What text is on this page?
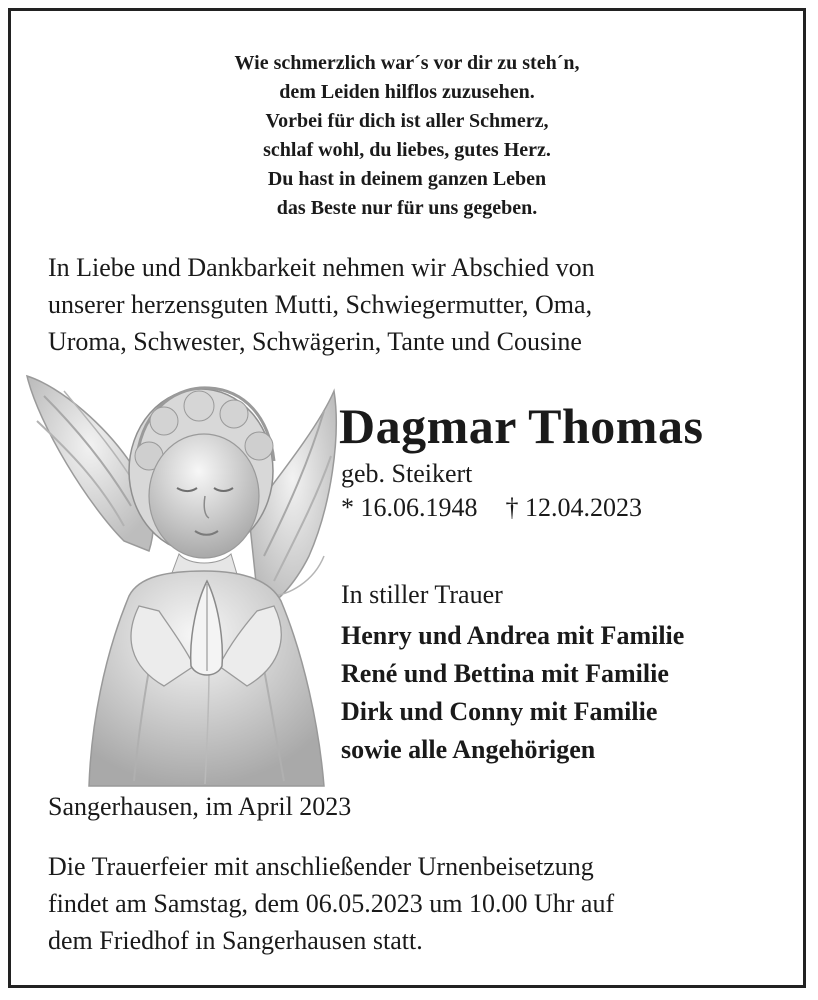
Wie schmerzlich war´s vor dir zu steh´n,
dem Leiden hilflos zuzusehen.
Vorbei für dich ist aller Schmerz,
schlaf wohl, du liebes, gutes Herz.
Du hast in deinem ganzen Leben
das Beste nur für uns gegeben.
In Liebe und Dankbarkeit nehmen wir Abschied von
unserer herzensguten Mutti, Schwiegermutter, Oma,
Uroma, Schwester, Schwägerin, Tante und Cousine
Dagmar Thomas
geb. Steikert
* 16.06.1948 † 12.04.2023
In stiller Trauer
Henry und Andrea mit Familie
René und Bettina mit Familie
Dirk und Conny mit Familie
sowie alle Angehörigen
Sangerhausen, im April 2023
Die Trauerfeier mit anschließender Urnenbeisetzung
findet am Samstag, dem 06.05.2023 um 10.00 Uhr auf
dem Friedhof in Sangerhausen statt.
